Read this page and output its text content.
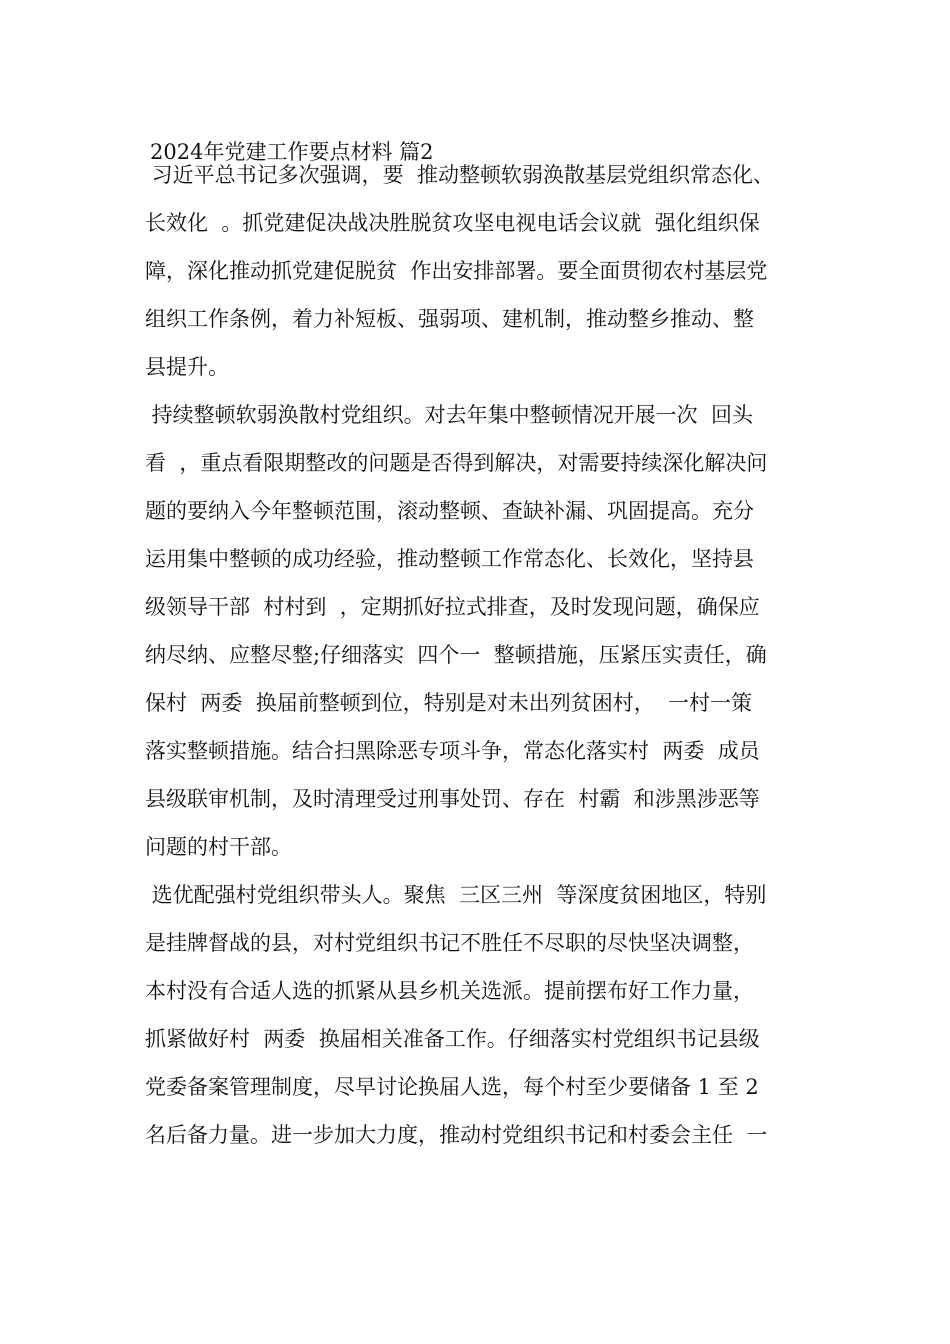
2024年党建工作要点材料 篇2
习近平总书记多次强调，要  推动整顿软弱涣散基层党组织常态化、
长效化  。抓党建促决战决胜脱贫攻坚电视电话会议就  强化组织保
障，深化推动抓党建促脱贫  作出安排部署。要全面贯彻农村基层党
组织工作条例，着力补短板、强弱项、建机制，推动整乡推动、整
县提升。
持续整顿软弱涣散村党组织。对去年集中整顿情况开展一次  回头
看  ，重点看限期整改的问题是否得到解决，对需要持续深化解决问
题的要纳入今年整顿范围，滚动整顿、查缺补漏、巩固提高。充分
运用集中整顿的成功经验，推动整顿工作常态化、长效化，坚持县
级领导干部  村村到  ，定期抓好拉式排查，及时发现问题，确保应
纳尽纳、应整尽整;仔细落实  四个一  整顿措施，压紧压实责任，确
保村  两委  换届前整顿到位，特别是对未出列贫困村，  一村一策
落实整顿措施。结合扫黑除恶专项斗争，常态化落实村  两委  成员
县级联审机制，及时清理受过刑事处罚、存在  村霸  和涉黑涉恶等
问题的村干部。
选优配强村党组织带头人。聚焦  三区三州  等深度贫困地区，特别
是挂牌督战的县，对村党组织书记不胜任不尽职的尽快坚决调整，
本村没有合适人选的抓紧从县乡机关选派。提前摆布好工作力量，
抓紧做好村  两委  换届相关准备工作。仔细落实村党组织书记县级
党委备案管理制度，尽早讨论换届人选，每个村至少要储备 1 至 2
名后备力量。进一步加大力度，推动村党组织书记和村委会主任  一
